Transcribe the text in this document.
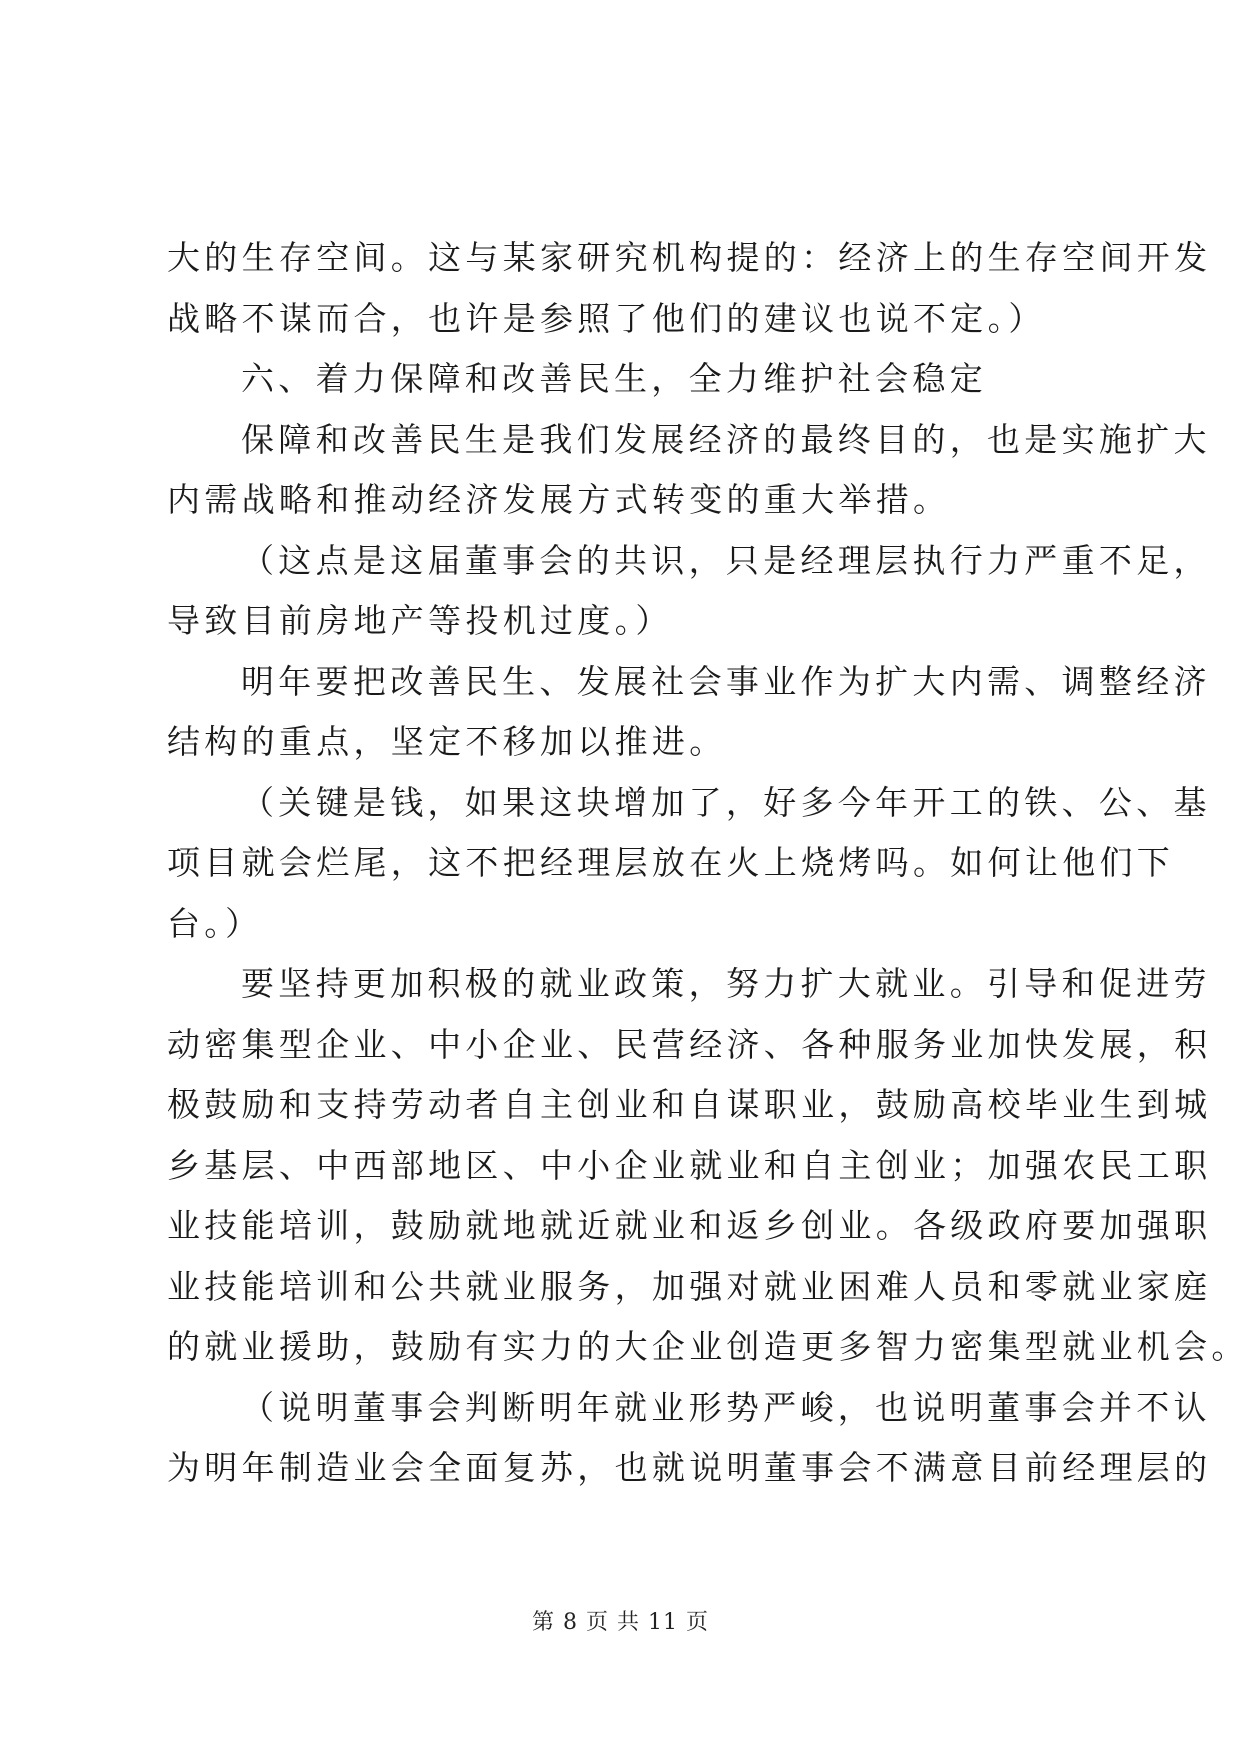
大的生存空间。这与某家研究机构提的：经济上的生存空间开发
战略不谋而合，也许是参照了他们的建议也说不定。）
六、着力保障和改善民生，全力维护社会稳定
保障和改善民生是我们发展经济的最终目的，也是实施扩大
内需战略和推动经济发展方式转变的重大举措。
（这点是这届董事会的共识，只是经理层执行力严重不足，
导致目前房地产等投机过度。）
明年要把改善民生、发展社会事业作为扩大内需、调整经济
结构的重点，坚定不移加以推进。
（关键是钱，如果这块增加了，好多今年开工的铁、公、基
项目就会烂尾，这不把经理层放在火上烧烤吗。如何让他们下
台。）
要坚持更加积极的就业政策，努力扩大就业。引导和促进劳
动密集型企业、中小企业、民营经济、各种服务业加快发展，积
极鼓励和支持劳动者自主创业和自谋职业，鼓励高校毕业生到城
乡基层、中西部地区、中小企业就业和自主创业；加强农民工职
业技能培训，鼓励就地就近就业和返乡创业。各级政府要加强职
业技能培训和公共就业服务，加强对就业困难人员和零就业家庭
的就业援助，鼓励有实力的大企业创造更多智力密集型就业机会。
（说明董事会判断明年就业形势严峻，也说明董事会并不认
为明年制造业会全面复苏，也就说明董事会不满意目前经理层的
第 8 页 共 11 页
